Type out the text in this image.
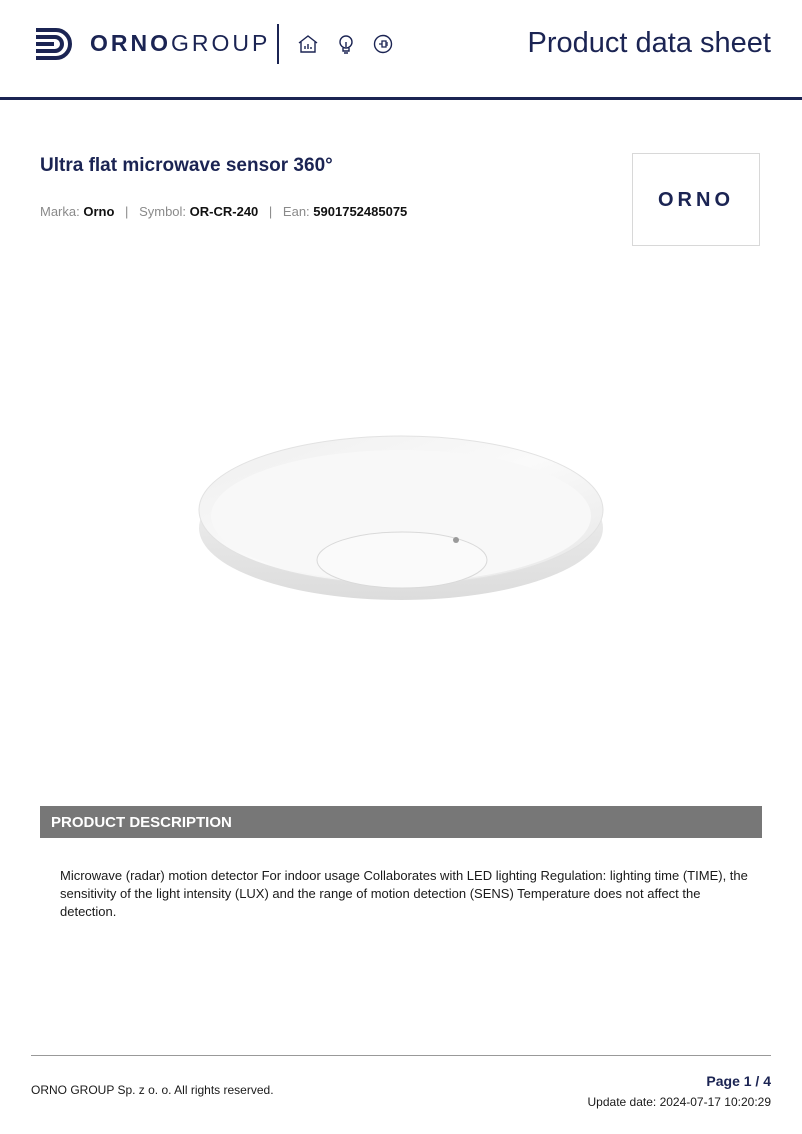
ORNOGROUP	Product data sheet
Ultra flat microwave sensor 360°
Marka: Orno | Symbol: OR-CR-240 | Ean: 5901752485075
ORNO
PRODUCT DESCRIPTION
Microwave (radar) motion detector For indoor usage Collaborates with LED lighting Regulation: lighting time (TIME), the sensitivity of the light intensity (LUX) and the range of motion detection (SENS) Temperature does not affect the detection.
ORNO GROUP Sp. z o. o. All rights reserved.
Page 1 / 4
Update date: 2024-07-17 10:20:29
